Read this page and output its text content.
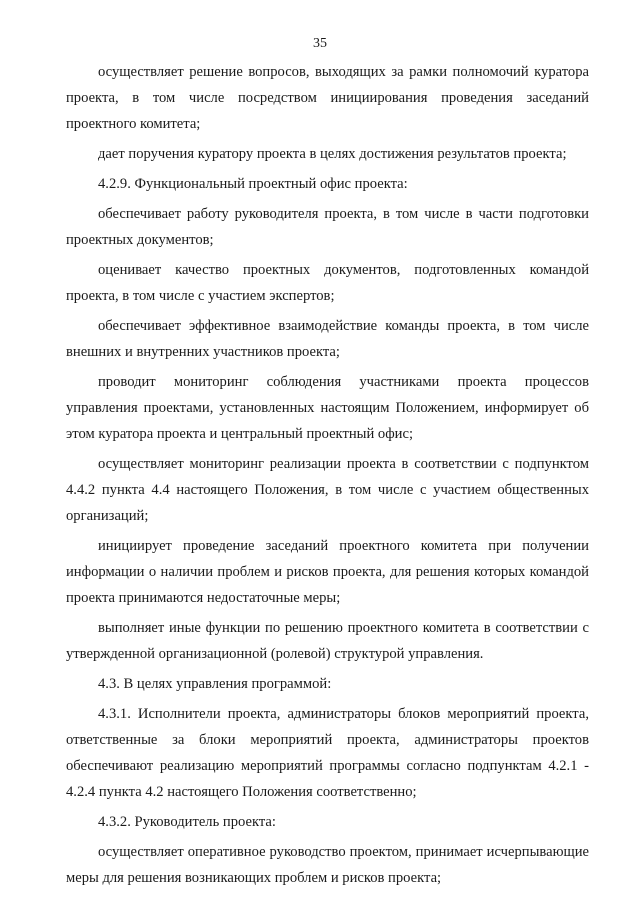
35

осуществляет решение вопросов, выходящих за рамки полномочий куратора проекта, в том числе посредством инициирования проведения заседаний проектного комитета;

дает поручения куратору проекта в целях достижения результатов проекта;

4.2.9. Функциональный проектный офис проекта:

обеспечивает работу руководителя проекта, в том числе в части подготовки проектных документов;

оценивает качество проектных документов, подготовленных командой проекта, в том числе с участием экспертов;

обеспечивает эффективное взаимодействие команды проекта, в том числе внешних и внутренних участников проекта;

проводит мониторинг соблюдения участниками проекта процессов управления проектами, установленных настоящим Положением, информирует об этом куратора проекта и центральный проектный офис;

осуществляет мониторинг реализации проекта в соответствии с подпунктом 4.4.2 пункта 4.4 настоящего Положения, в том числе с участием общественных организаций;

инициирует проведение заседаний проектного комитета при получении информации о наличии проблем и рисков проекта, для решения которых командой проекта принимаются недостаточные меры;

выполняет иные функции по решению проектного комитета в соответствии с утвержденной организационной (ролевой) структурой управления.

4.3. В целях управления программой:

4.3.1. Исполнители проекта, администраторы блоков мероприятий проекта, ответственные за блоки мероприятий проекта, администраторы проектов обеспечивают реализацию мероприятий программы согласно подпунктам 4.2.1 - 4.2.4 пункта 4.2 настоящего Положения соответственно;

4.3.2. Руководитель проекта:

осуществляет оперативное руководство проектом, принимает исчерпывающие меры для решения возникающих проблем и рисков проекта;
